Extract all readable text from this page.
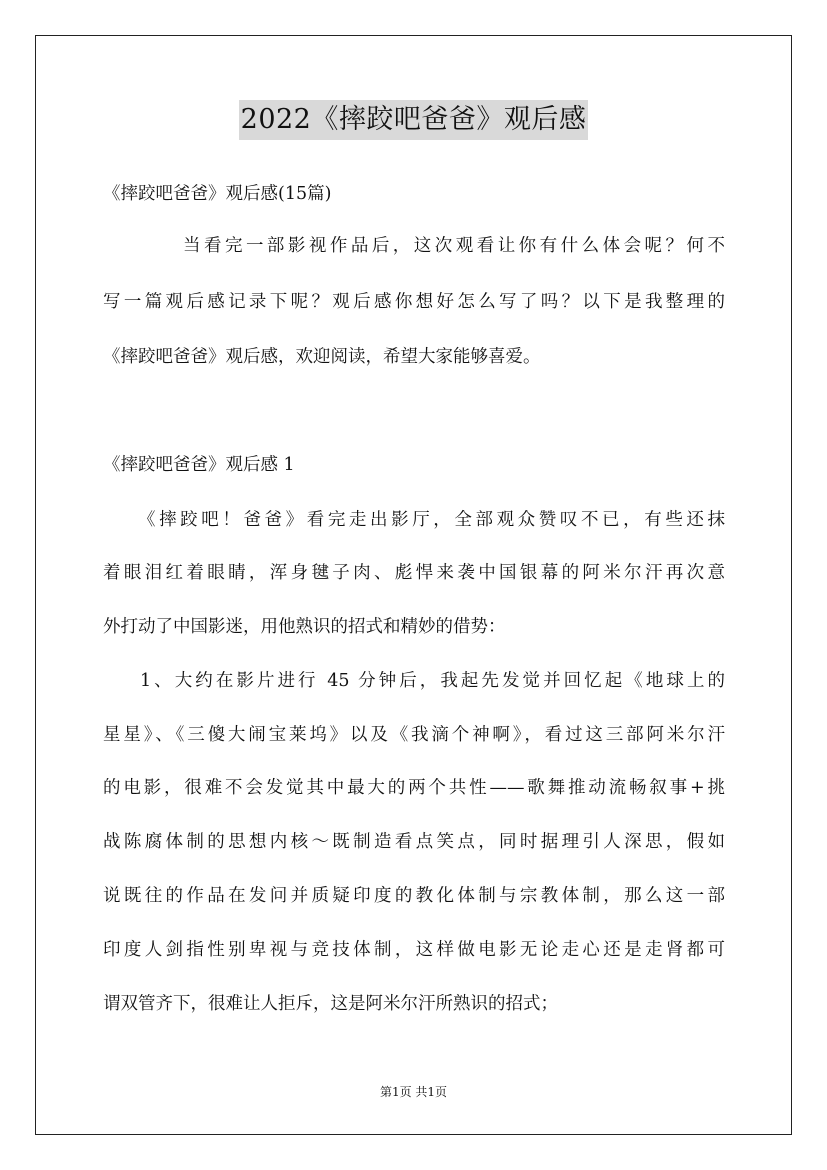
2022《摔跤吧爸爸》观后感
《摔跤吧爸爸》观后感(15篇)
当看完一部影视作品后，这次观看让你有什么体会呢？何不
写一篇观后感记录下呢？观后感你想好怎么写了吗？以下是我整理的
《摔跤吧爸爸》观后感，欢迎阅读，希望大家能够喜爱。
《摔跤吧爸爸》观后感 1
《摔跤吧！爸爸》看完走出影厅，全部观众赞叹不已，有些还抹
着眼泪红着眼睛，浑身毽子肉、彪悍来袭中国银幕的阿米尔汗再次意
外打动了中国影迷，用他熟识的招式和精妙的借势：
1、大约在影片进行 45 分钟后，我起先发觉并回忆起《地球上的
星星》、《三傻大闹宝莱坞》以及《我滴个神啊》，看过这三部阿米尔汗
的电影，很难不会发觉其中最大的两个共性——歌舞推动流畅叙事+挑
战陈腐体制的思想内核～既制造看点笑点，同时据理引人深思，假如
说既往的作品在发问并质疑印度的教化体制与宗教体制，那么这一部
印度人剑指性别卑视与竞技体制，这样做电影无论走心还是走肾都可
谓双管齐下，很难让人拒斥，这是阿米尔汗所熟识的招式；
第1页 共1页
